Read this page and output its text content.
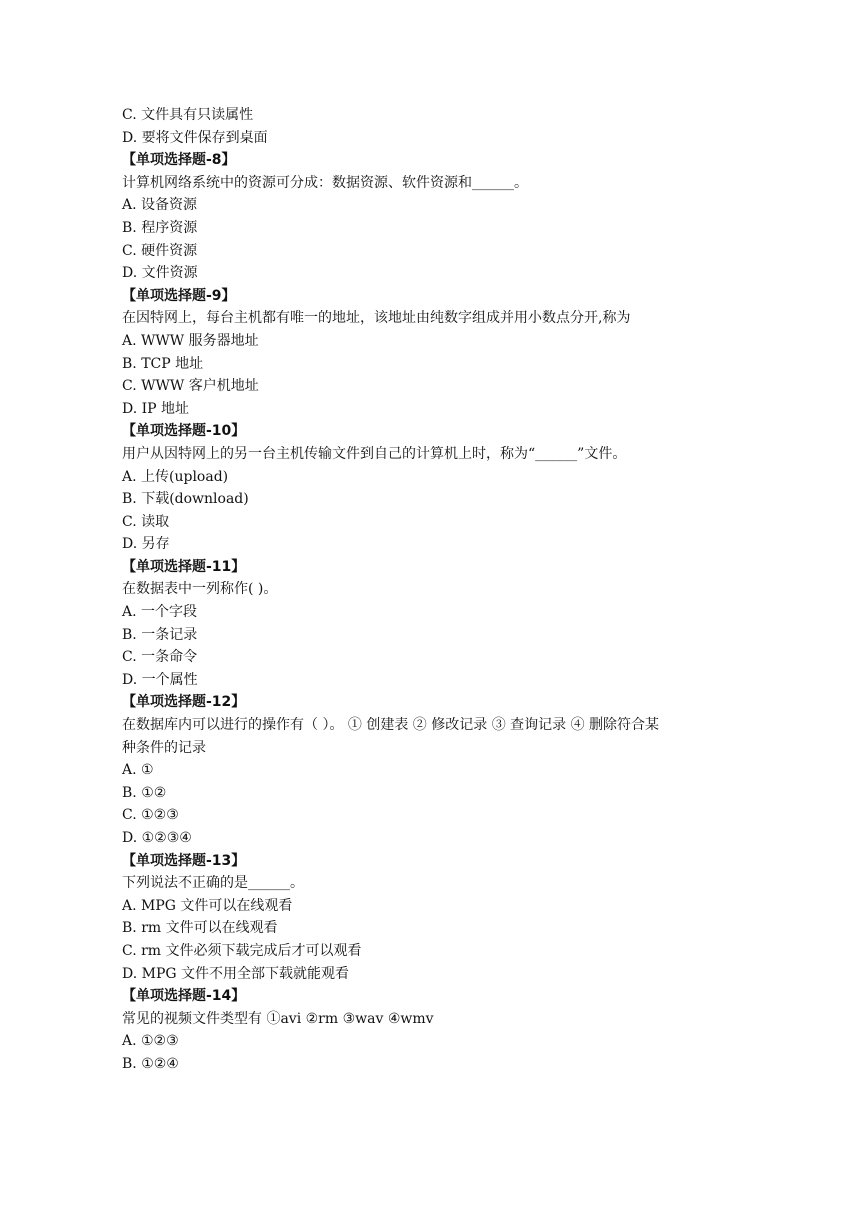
C. 文件具有只读属性
D. 要将文件保存到桌面
【单项选择题-8】
计算机网络系统中的资源可分成：数据资源、软件资源和______。
A. 设备资源
B. 程序资源
C. 硬件资源
D. 文件资源
【单项选择题-9】
在因特网上，每台主机都有唯一的地址，该地址由纯数字组成并用小数点分开,称为
A. WWW 服务器地址
B. TCP 地址
C. WWW 客户机地址
D. IP 地址
【单项选择题-10】
用户从因特网上的另一台主机传输文件到自己的计算机上时，称为“______”文件。
A. 上传(upload)
B. 下载(download)
C. 读取
D. 另存
【单项选择题-11】
在数据表中一列称作( )。
A. 一个字段
B. 一条记录
C. 一条命令
D. 一个属性
【单项选择题-12】
在数据库内可以进行的操作有（ ）。 ① 创建表 ② 修改记录 ③ 查询记录 ④ 删除符合某
种条件的记录
A. ①
B. ①②
C. ①②③
D. ①②③④
【单项选择题-13】
下列说法不正确的是______。
A. MPG 文件可以在线观看
B. rm 文件可以在线观看
C. rm 文件必须下载完成后才可以观看
D. MPG 文件不用全部下载就能观看
【单项选择题-14】
常见的视频文件类型有 ①avi ②rm ③wav ④wmv
A. ①②③
B. ①②④
